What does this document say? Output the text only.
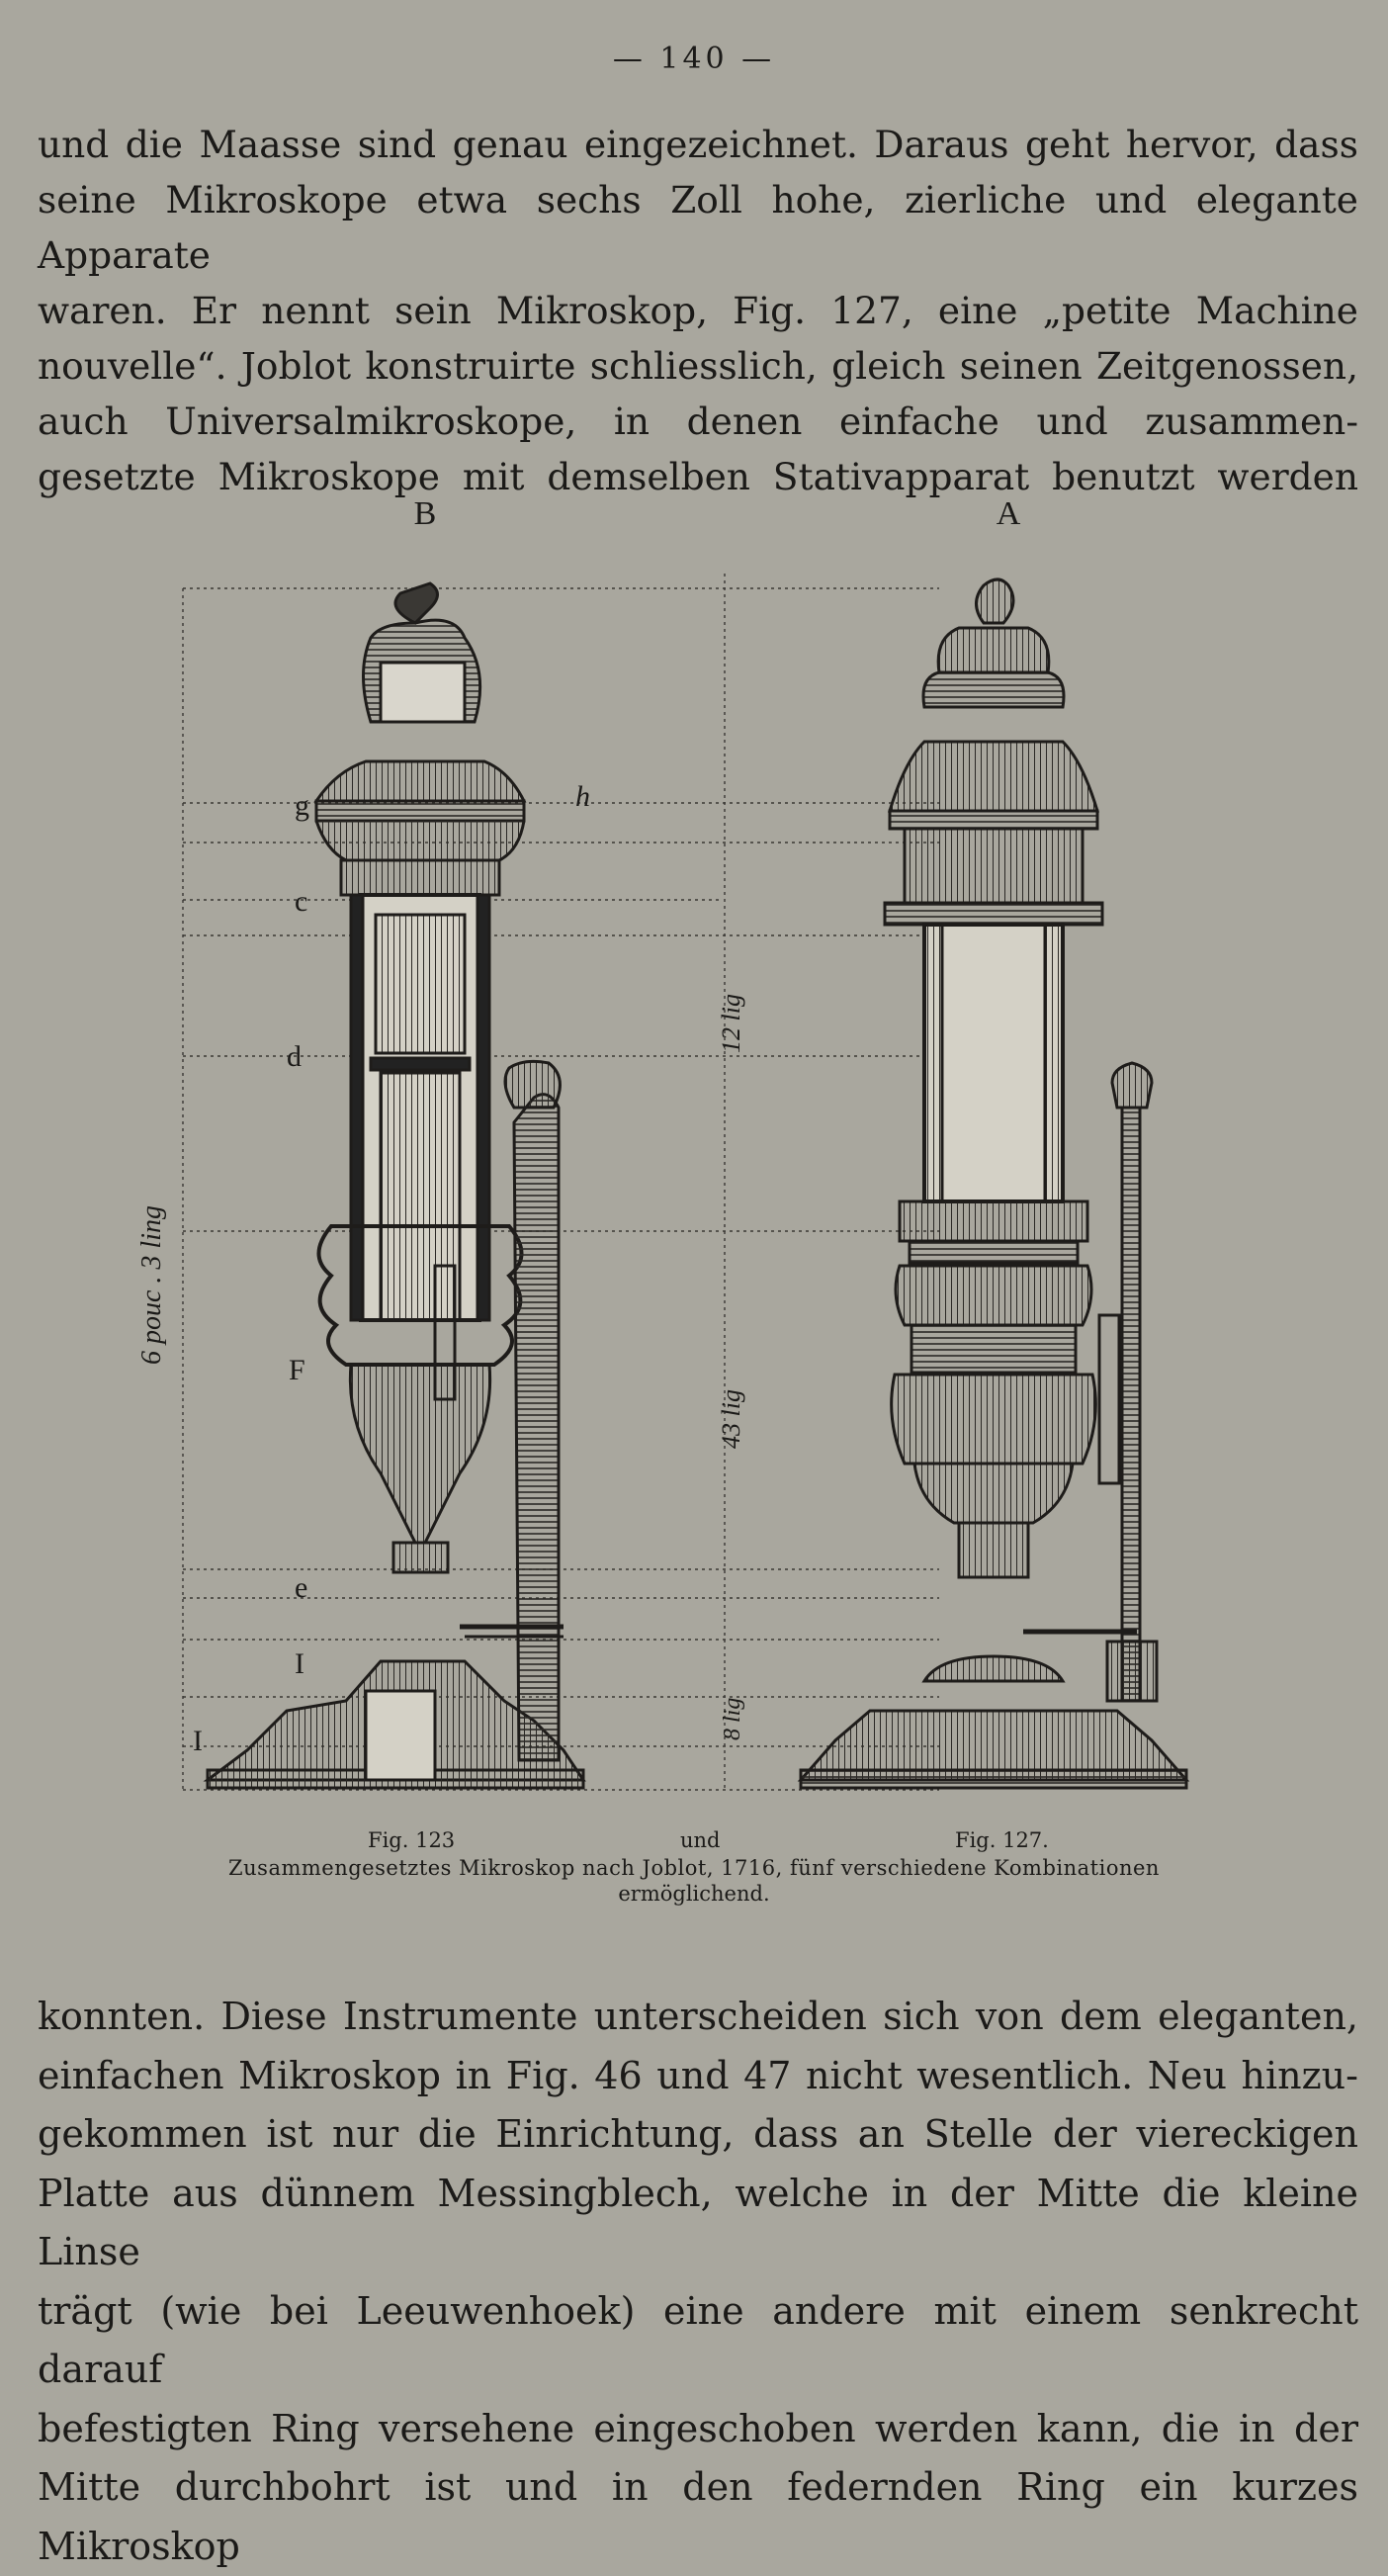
— 140 —

und die Maasse sind genau eingezeichnet. Daraus geht hervor, dass

seine Mikroskope etwa sechs Zoll hohe, zierliche und elegante Apparate

waren. Er nennt sein Mikroskop, Fig. 127, eine „petite Machine

nouvelle“. Joblot konstruirte schliesslich, gleich seinen Zeitgenossen,

auch Universalmikroskope, in denen einfache und zusammen-

gesetzte Mikroskope mit demselben Stativapparat benutzt werden

B	A
g
c
d
F
e
I
I
h
6 pouc . 3 ling
12 lig
43 lig
8 lig
Fig. 123	und	Fig. 127.
Zusammengesetztes Mikroskop nach Joblot, 1716, fünf verschiedene Kombinationen
ermöglichend.

konnten. Diese Instrumente unterscheiden sich von dem eleganten,

einfachen Mikroskop in Fig. 46 und 47 nicht wesentlich. Neu hinzu-

gekommen ist nur die Einrichtung, dass an Stelle der viereckigen

Platte aus dünnem Messingblech, welche in der Mitte die kleine Linse

trägt (wie bei Leeuwenhoek) eine andere mit einem senkrecht darauf

befestigten Ring versehene eingeschoben werden kann, die in der

Mitte durchbohrt ist und in den federnden Ring ein kurzes Mikroskop
